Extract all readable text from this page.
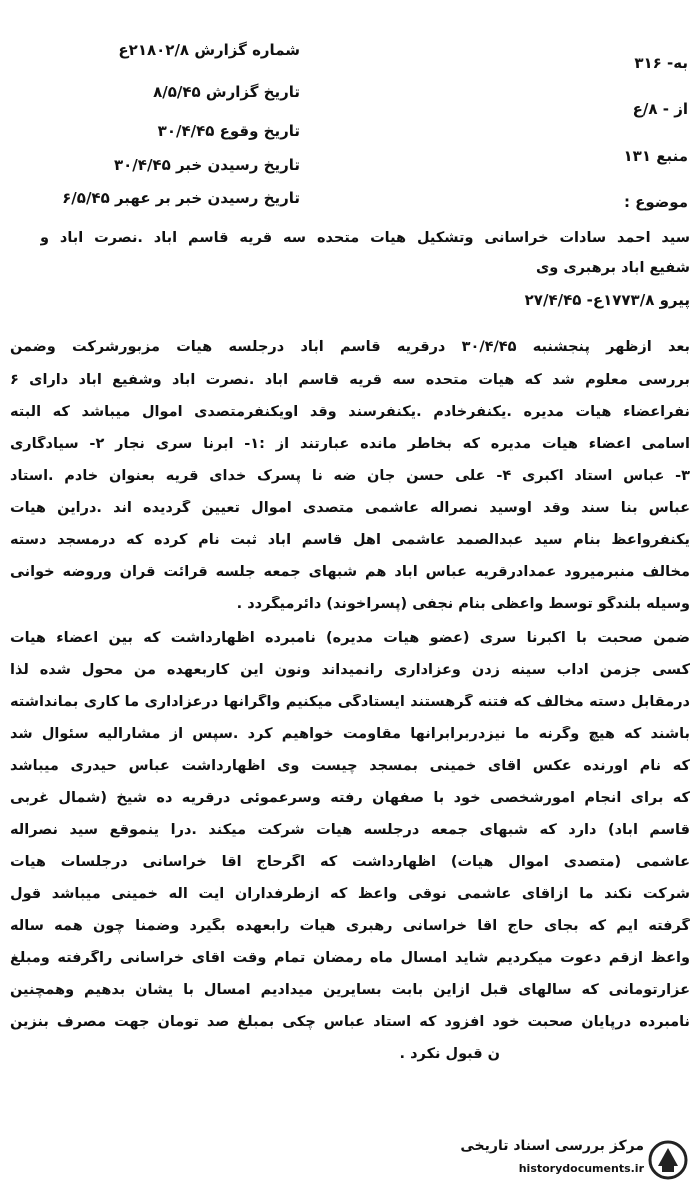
به- ۳۱۶
از - ۸/ع
منبع ۱۳۱
موضوع :
شماره گزارش ۲۱۸۰۲/۸ع
تاریخ گزارش ۸/۵/۴۵
تاریخ وقوع ۳۰/۴/۴۵
تاریخ رسیدن خبر ۳۰/۴/۴۵
تاریخ رسیدن خبر بر عهبر ۶/۵/۴۵
سید احمد سادات خراسانی وتشکیل هیات متحده سه قریه قاسم آباد .نصرت آباد و
شفیع آباد برهبری وی
پیرو ۱۷۷۳/۸ع- ۲۷/۴/۴۵
بعد ازظهر پنجشنبه ۳۰/۴/۴۵ درقریه قاسم آباد درجلسه هیات مزبورشرکت وضمن
بررسی معلوم شد که هیات متحده سه قریه قاسم آباد .نصرت آباد وشفیع آباد دارای ۶
نفراعضاء هیات مدیره .یکنفرخادم .یکنفرسند وقد اویکنفرمتصدی اموال میباشد که البته
اسامی اعضاء هیات مدیره که بخاطر مانده عبارتند از :۱- ابرنا سری نجار ۲- سیادگاری
۳- عباس استاد اکبری ۴- علی حسن جان ضه نا پسرک خدای قریه بعنوان خادم .استاد
عباس بنا سند وقد اوسید نصراله عاشمی متصدی اموال تعیین گردیده اند .دراین هیات
یکنفرواعظ بنام سید عبدالصمد عاشمی اهل قاسم آباد ثبت نام کرده که درمسجد دسته
مخالف منبرمیرود عمدادرقریه عباس آباد هم شبهای جمعه جلسه قرائت قرآن وروضه خوانی
وسیله بلندگو توسط واعظی بنام نجفی (پسرآخوند) دائرمیگردد .
ضمن صحبت با اکبرنا سری (عضو هیات مدیره) نامبرده اظهارداشت که بین اعضاء هیات
کسی جزمن آداب سینه زدن وعزاداری رانمیداند ونون این کاربعهده من محول شده لذا
درمقابل دسته مخالف که فتنه گرهستند ایستادگی میکنیم واگرآنها درعزاداری ما کاری بمانداشته
باشند که هیچ وگرنه ما نیزدربرابرآنها مقاومت خواهیم کرد .سپس از مشارالیه سئوال شد
که نام آورنده عکس آقای خمینی بمسجد چیست وی اظهارداشت عباس حیدری میباشد
که برای انجام امورشخصی خود با صفهان رفته وسرعموئی درقریه ده شیخ (شمال غربی
قاسم آباد) دارد که شبهای جمعه درجلسه هیات شرکت میکند .درا ینموقع سید نصراله
عاشمی (متصدی اموال هیات) اظهارداشت که اگرحاج آقا خراسانی درجلسات هیات
شرکت نکند ما ازآقای عاشمی نوقی واعظ که ازطرفداران آیت اله خمینی میباشد قول
گرفته ایم که بجای حاج آقا خراسانی رهبری هیات رابعهده بگیرد وضمنا چون همه ساله
واعظ ازقم دعوت میکردیم شاید امسال ماه رمضان تمام وقت آقای خراسانی راگرفته ومبلغ
عزارتومانی که سالهای قبل ازاین بابت بسایرین میدادیم امسال با یشان بدهیم وهمچنین
نامبرده درپایان صحبت خود افزود که استاد عباس چکی بمبلغ صد تومان جهت مصرف بنزین
ن قبول نکرد .
مرکز بررسی اسناد تاریخی
historydocuments.ir
